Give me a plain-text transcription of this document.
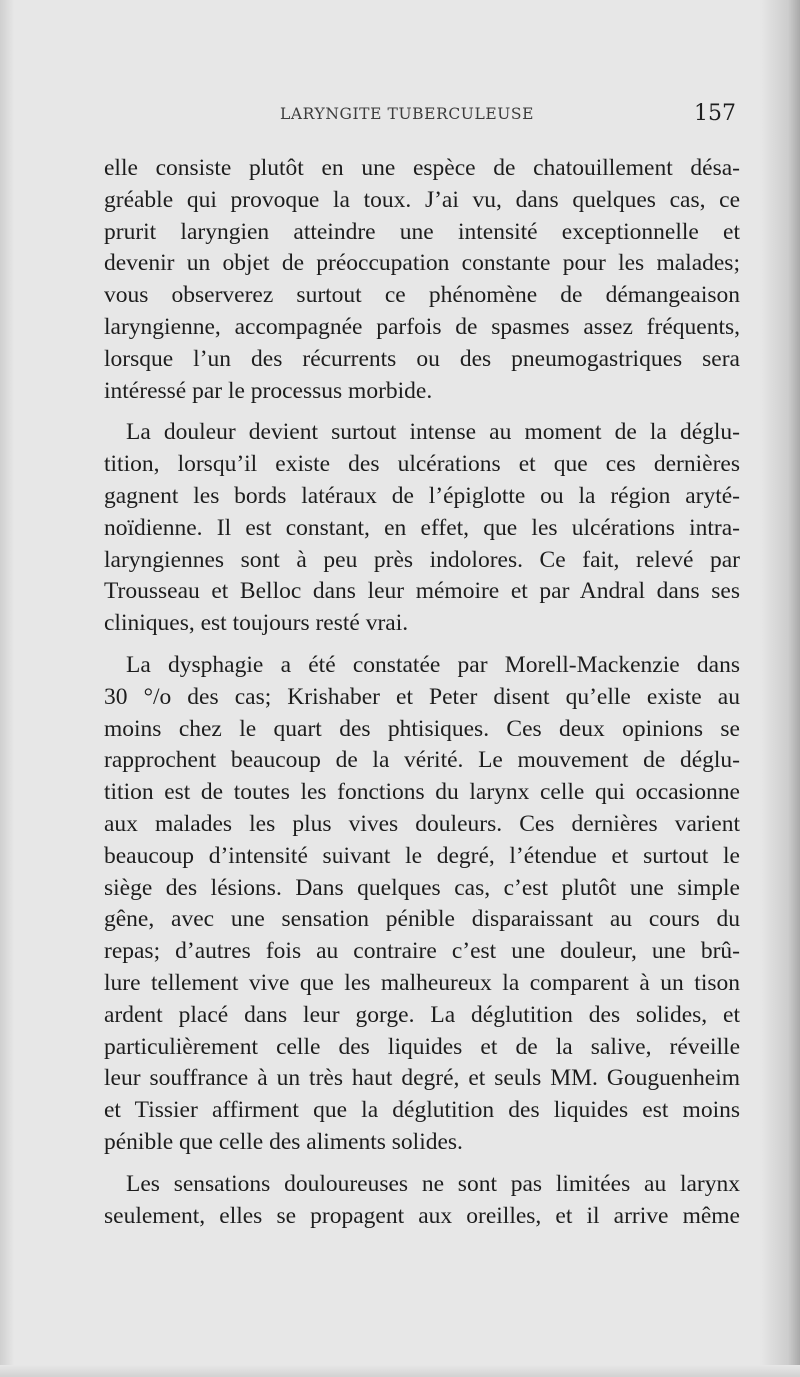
LARYNGITE TUBERCULEUSE	157

elle consiste plutôt en une espèce de chatouillement désa-
gréable qui provoque la toux. J’ai vu, dans quelques cas, ce
prurit laryngien atteindre une intensité exceptionnelle et
devenir un objet de préoccupation constante pour les malades;
vous observerez surtout ce phénomène de démangeaison
laryngienne, accompagnée parfois de spasmes assez fréquents,
lorsque l’un des récurrents ou des pneumogastriques sera
intéressé par le processus morbide.

La douleur devient surtout intense au moment de la déglu-
tition, lorsqu’il existe des ulcérations et que ces dernières
gagnent les bords latéraux de l’épiglotte ou la région aryté-
noïdienne. Il est constant, en effet, que les ulcérations intra-
laryngiennes sont à peu près indolores. Ce fait, relevé par
Trousseau et Belloc dans leur mémoire et par Andral dans ses
cliniques, est toujours resté vrai.

La dysphagie a été constatée par Morell-Mackenzie dans
30 °/o des cas; Krishaber et Peter disent qu’elle existe au
moins chez le quart des phtisiques. Ces deux opinions se
rapprochent beaucoup de la vérité. Le mouvement de déglu-
tition est de toutes les fonctions du larynx celle qui occasionne
aux malades les plus vives douleurs. Ces dernières varient
beaucoup d’intensité suivant le degré, l’étendue et surtout le
siège des lésions. Dans quelques cas, c’est plutôt une simple
gêne, avec une sensation pénible disparaissant au cours du
repas; d’autres fois au contraire c’est une douleur, une brû-
lure tellement vive que les malheureux la comparent à un tison
ardent placé dans leur gorge. La déglutition des solides, et
particulièrement celle des liquides et de la salive, réveille
leur souffrance à un très haut degré, et seuls MM. Gouguenheim
et Tissier affirment que la déglutition des liquides est moins
pénible que celle des aliments solides.

Les sensations douloureuses ne sont pas limitées au larynx
seulement, elles se propagent aux oreilles, et il arrive même
